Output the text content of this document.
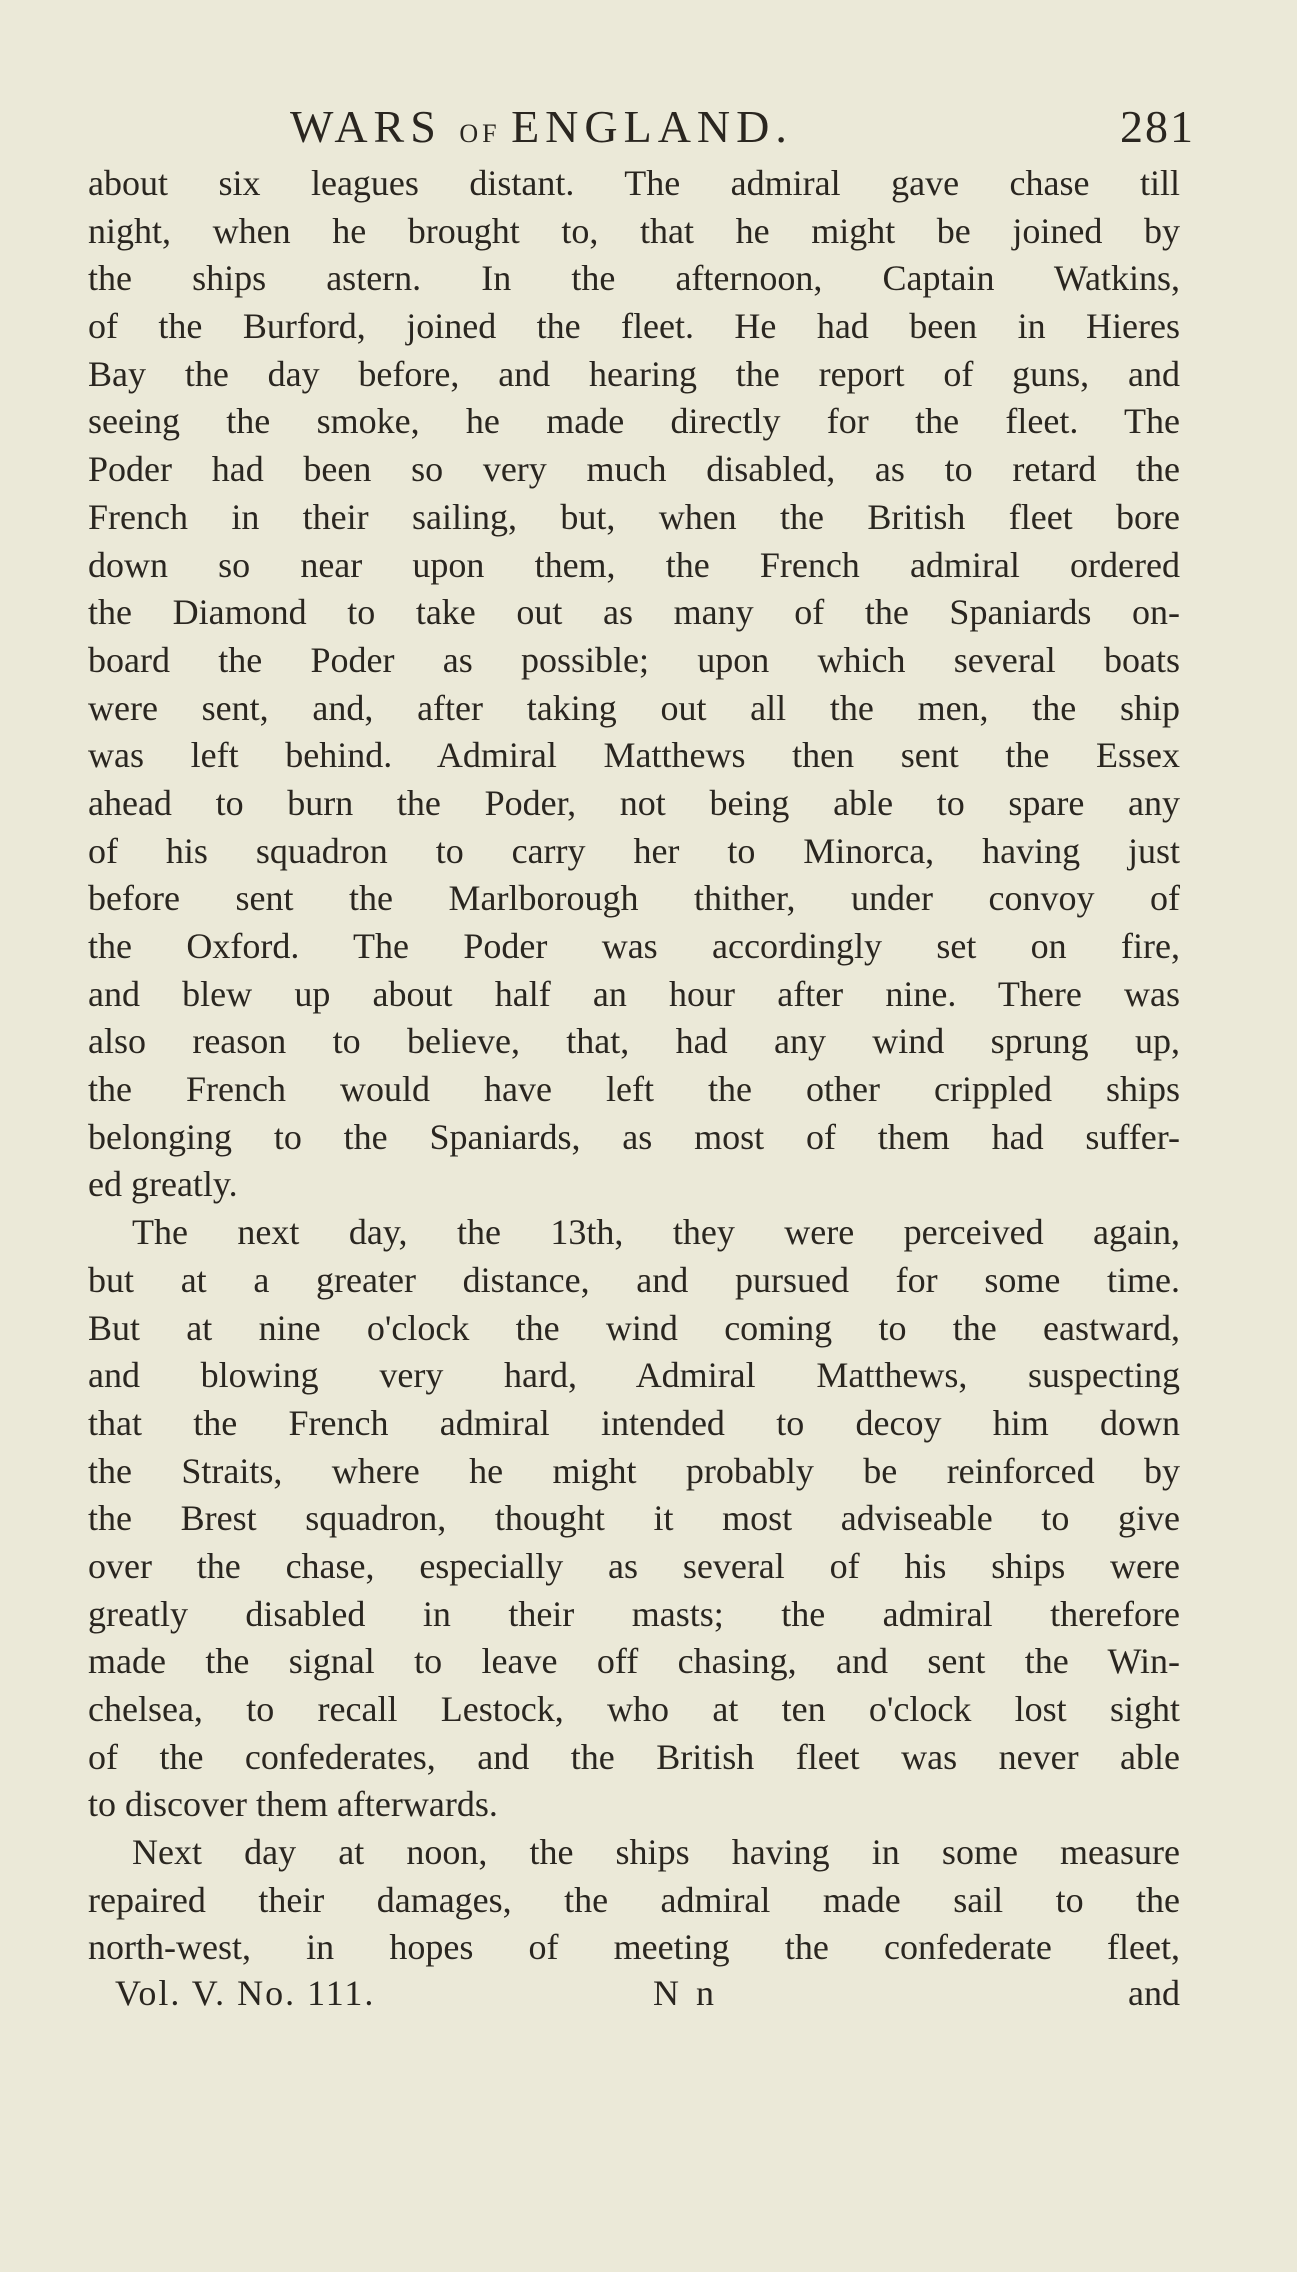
WARS OF ENGLAND.	281
about six leagues distant. The admiral gave chase till
night, when he brought to, that he might be joined by
the ships astern. In the afternoon, Captain Watkins,
of the Burford, joined the fleet. He had been in Hieres
Bay the day before, and hearing the report of guns, and
seeing the smoke, he made directly for the fleet. The
Poder had been so very much disabled, as to retard the
French in their sailing, but, when the British fleet bore
down so near upon them, the French admiral ordered
the Diamond to take out as many of the Spaniards on-
board the Poder as possible; upon which several boats
were sent, and, after taking out all the men, the ship
was left behind. Admiral Matthews then sent the Essex
ahead to burn the Poder, not being able to spare any
of his squadron to carry her to Minorca, having just
before sent the Marlborough thither, under convoy of
the Oxford. The Poder was accordingly set on fire,
and blew up about half an hour after nine. There was
also reason to believe, that, had any wind sprung up,
the French would have left the other crippled ships
belonging to the Spaniards, as most of them had suffer-
ed greatly.
The next day, the 13th, they were perceived again,
but at a greater distance, and pursued for some time.
But at nine o'clock the wind coming to the eastward,
and blowing very hard, Admiral Matthews, suspecting
that the French admiral intended to decoy him down
the Straits, where he might probably be reinforced by
the Brest squadron, thought it most adviseable to give
over the chase, especially as several of his ships were
greatly disabled in their masts; the admiral therefore
made the signal to leave off chasing, and sent the Win-
chelsea, to recall Lestock, who at ten o'clock lost sight
of the confederates, and the British fleet was never able
to discover them afterwards.
Next day at noon, the ships having in some measure
repaired their damages, the admiral made sail to the
north-west, in hopes of meeting the confederate fleet,
Vol. V. No. 111.	N n	and
